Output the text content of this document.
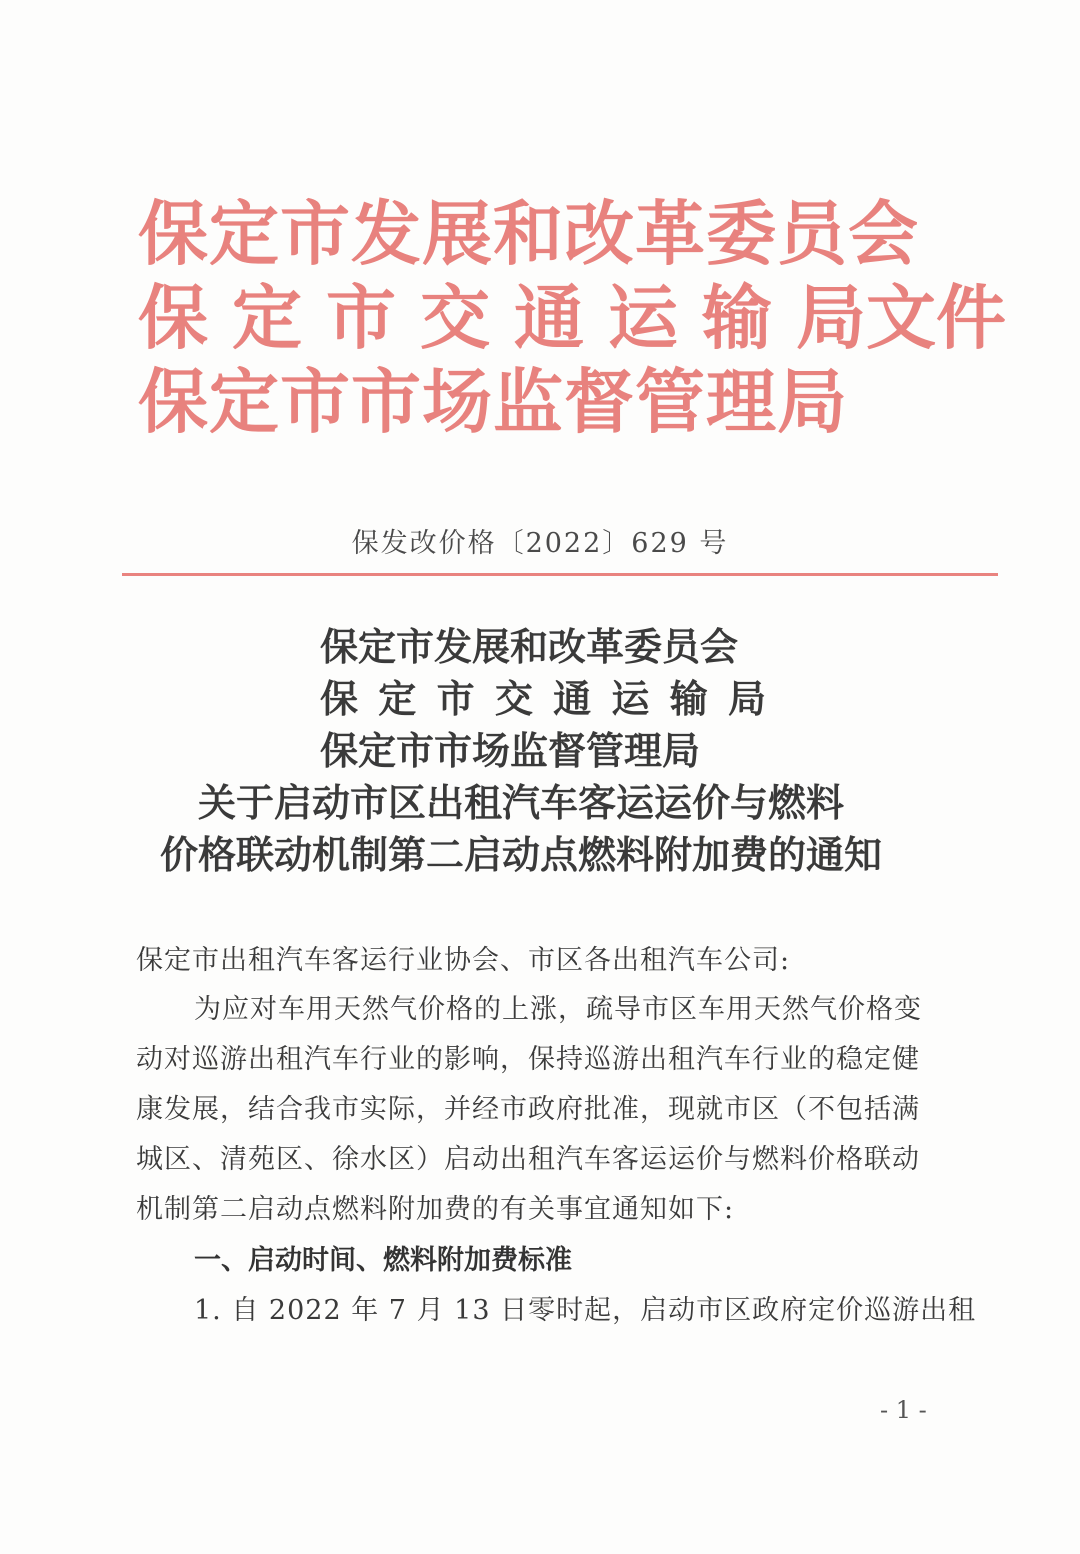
保定市发展和改革委员会
保 定 市 交 通 运 输 局文件
保定市市场监督管理局
保发改价格〔2022〕629 号
保定市发展和改革委员会
保 定 市 交 通 运 输 局
保定市市场监督管理局
关于启动市区出租汽车客运运价与燃料
价格联动机制第二启动点燃料附加费的通知
保定市出租汽车客运行业协会、市区各出租汽车公司:
为应对车用天然气价格的上涨，疏导市区车用天然气价格变
动对巡游出租汽车行业的影响，保持巡游出租汽车行业的稳定健
康发展，结合我市实际，并经市政府批准，现就市区（不包括满
城区、清苑区、徐水区）启动出租汽车客运运价与燃料价格联动
机制第二启动点燃料附加费的有关事宜通知如下:
一、启动时间、燃料附加费标准
1. 自 2022 年 7 月 13 日零时起，启动市区政府定价巡游出租
- 1 -
